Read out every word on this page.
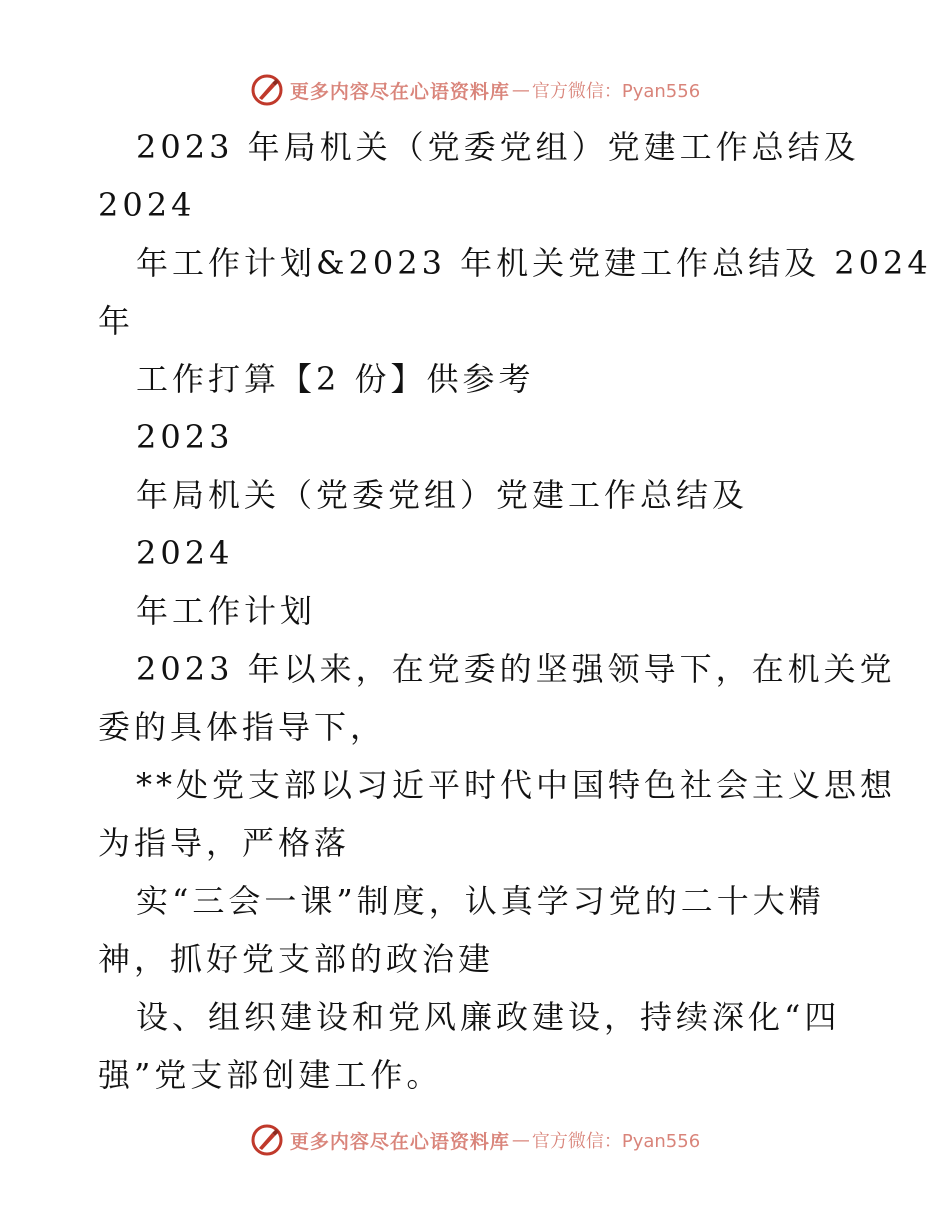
更多内容尽在心语资料库 — 官方微信：Pyan556
2023 年局机关（党委党组）党建工作总结及
2024
年工作计划&2023 年机关党建工作总结及 2024
年
工作打算【2 份】供参考
2023
年局机关（党委党组）党建工作总结及
2024
年工作计划
2023 年以来，在党委的坚强领导下，在机关党
委的具体指导下，
**处党支部以习近平时代中国特色社会主义思想
为指导，严格落
实“三会一课”制度，认真学习党的二十大精
神，抓好党支部的政治建
设、组织建设和党风廉政建设，持续深化“四
强”党支部创建工作。
更多内容尽在心语资料库 — 官方微信：Pyan556
